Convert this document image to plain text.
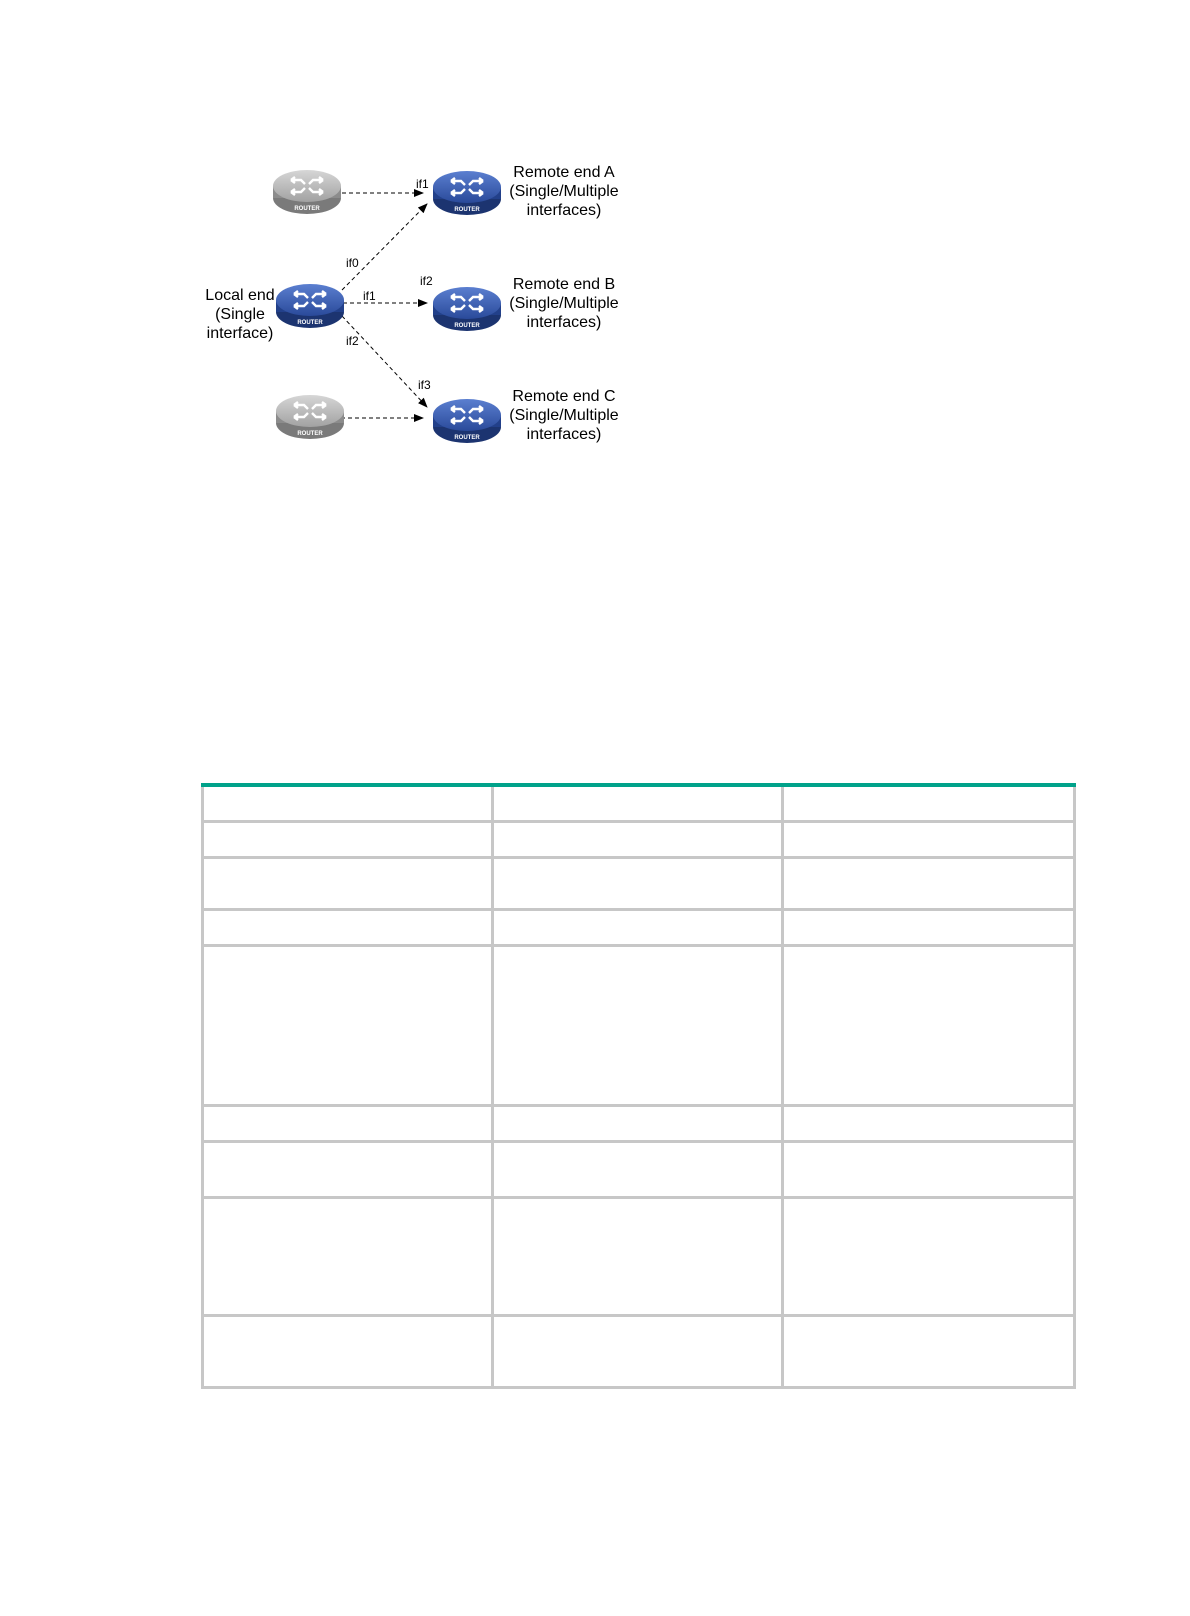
ROUTER
ROUTER
ROUTER
ROUTER
ROUTER
ROUTER
if1
if0
if2
if1
if2
if3
Local end
(Single
interface)
Remote end A
(Single/Multiple
interfaces)
Remote end B
(Single/Multiple
interfaces)
Remote end C
(Single/Multiple
interfaces)
